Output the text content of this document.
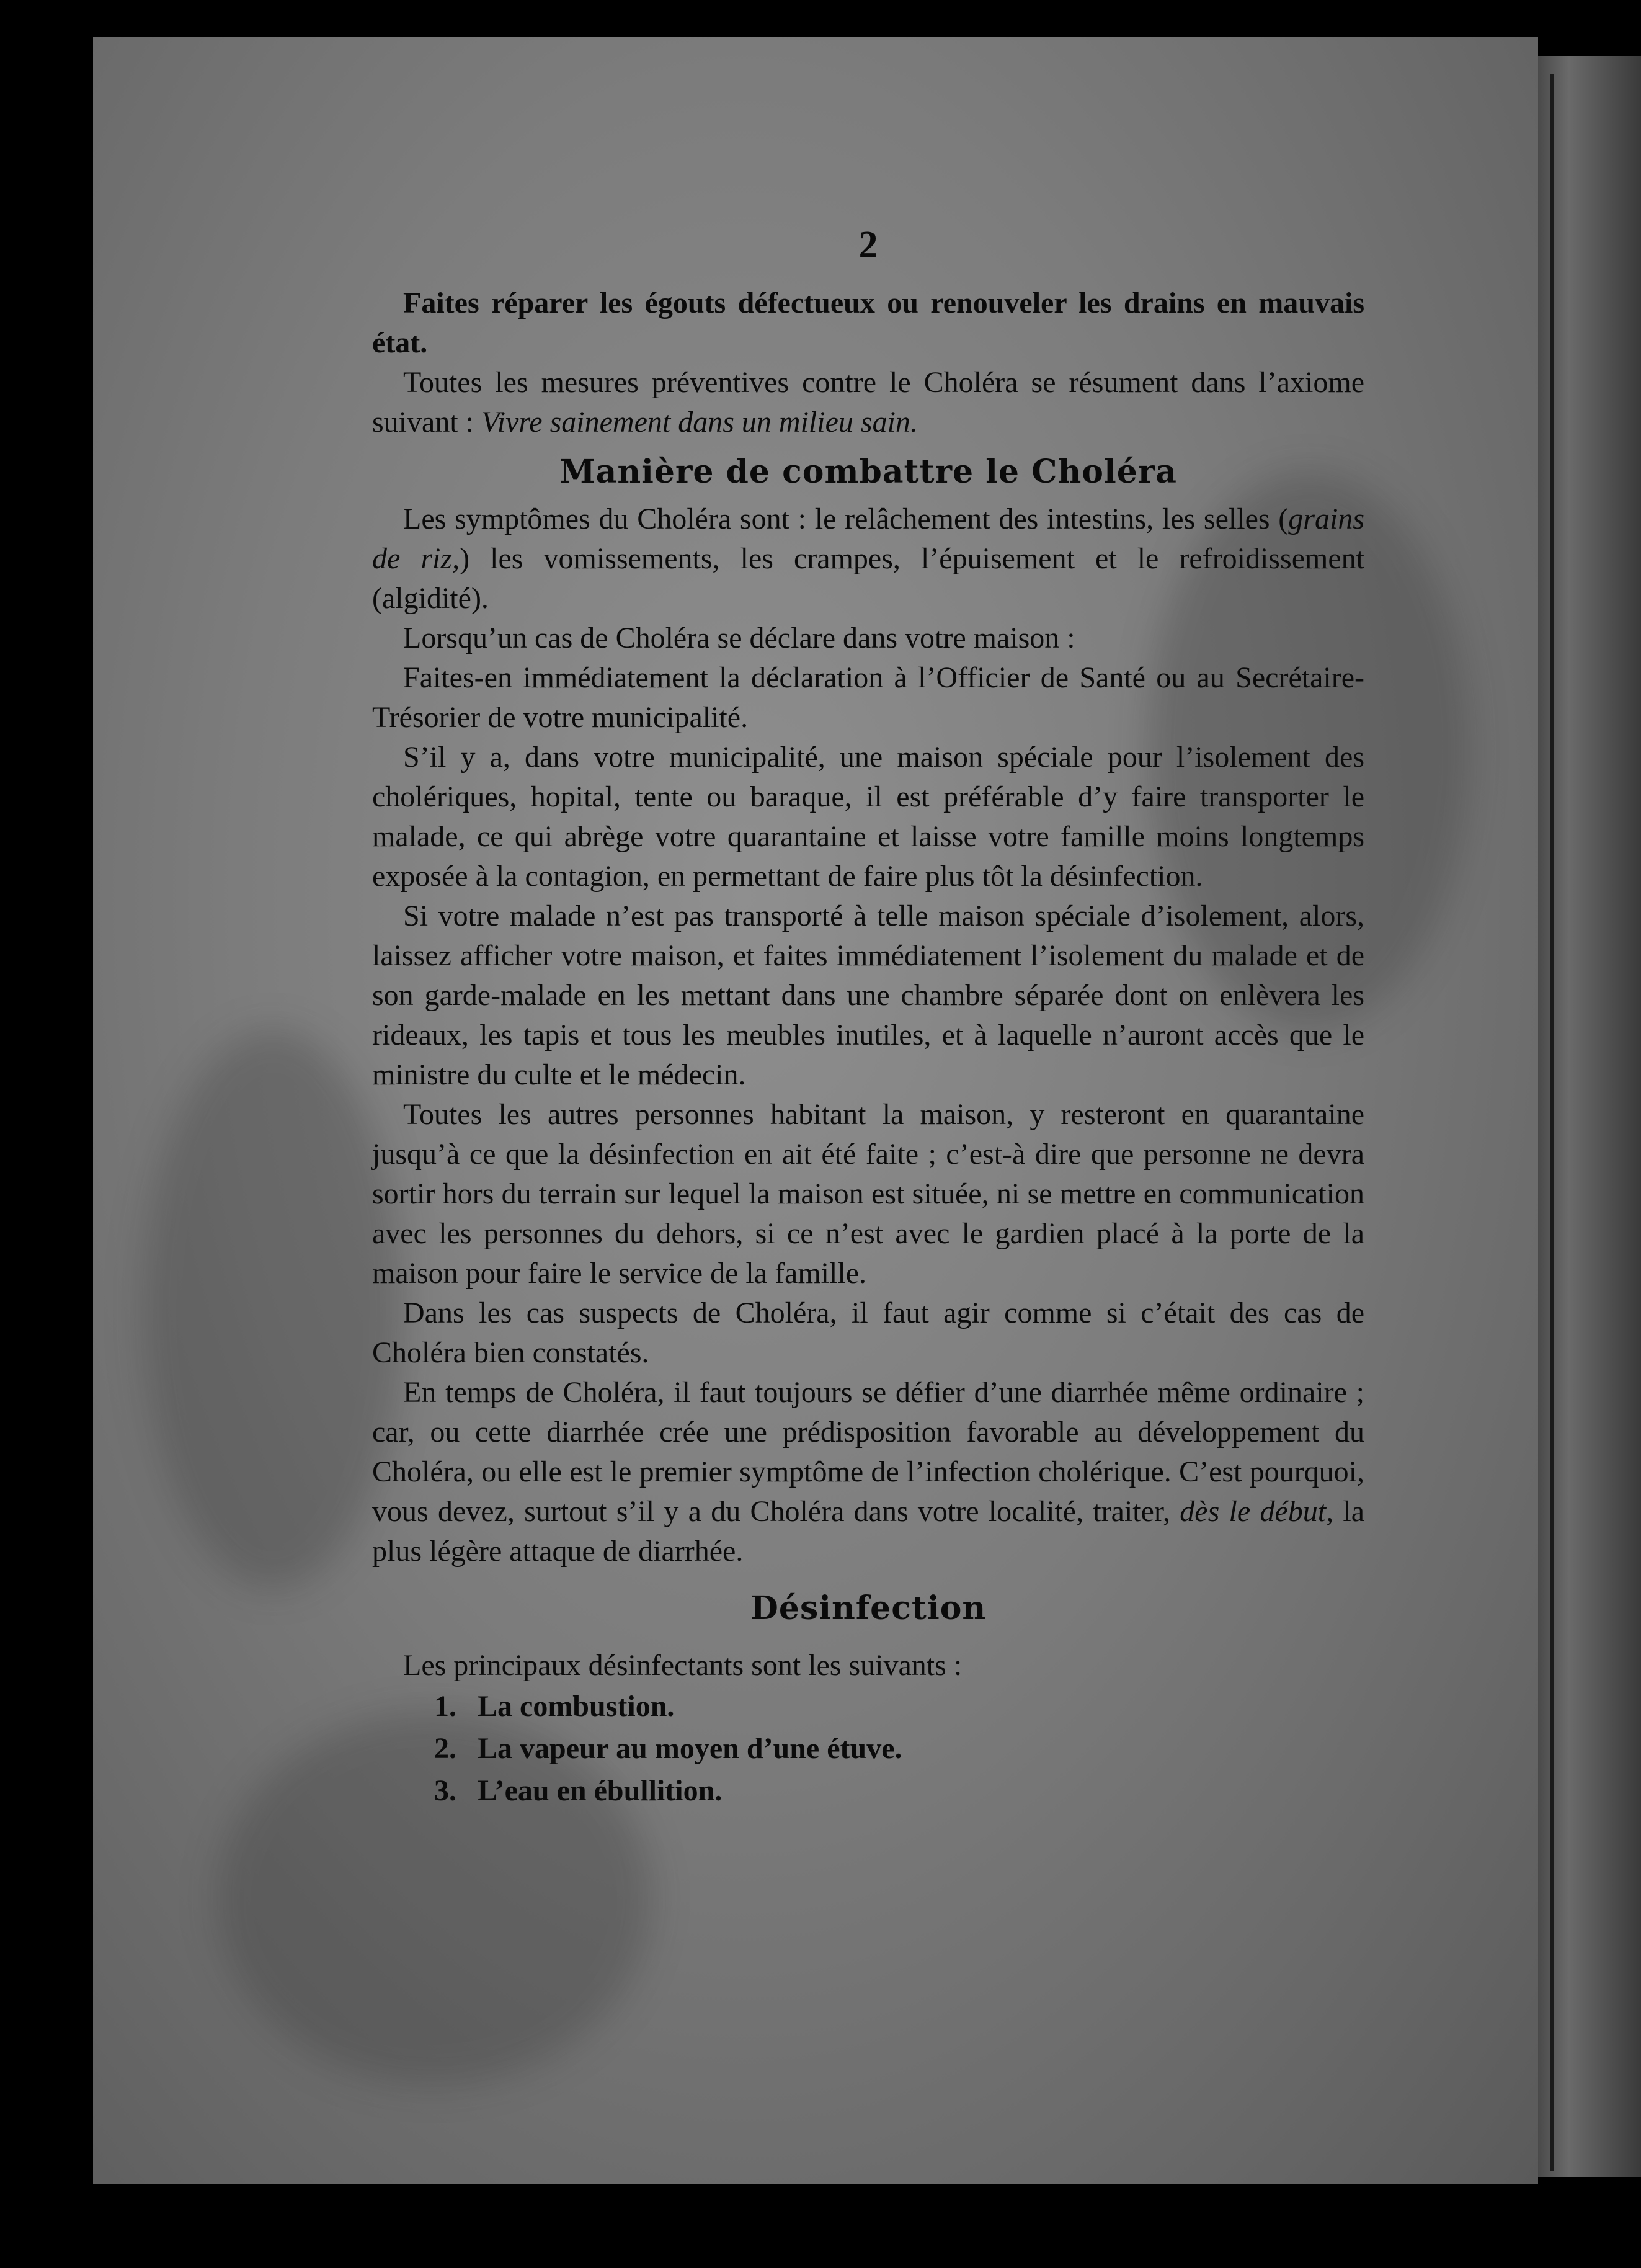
2

Faites réparer les égouts défectueux ou renouveler les drains en mauvais état.

Toutes les mesures préventives contre le Choléra se résument dans l’axiome suivant : Vivre sainement dans un milieu sain.

Manière de combattre le Choléra

Les symptômes du Choléra sont : le relâchement des intestins, les selles (grains de riz,) les vomissements, les crampes, l’épuisement et le refroidissement (algidité).

Lorsqu’un cas de Choléra se déclare dans votre maison :

Faites-en immédiatement la déclaration à l’Officier de Santé ou au Secrétaire-Trésorier de votre municipalité.

S’il y a, dans votre municipalité, une maison spéciale pour l’isolement des cholériques, hopital, tente ou baraque, il est préférable d’y faire transporter le malade, ce qui abrège votre quarantaine et laisse votre famille moins longtemps exposée à la contagion, en permettant de faire plus tôt la désinfection.

Si votre malade n’est pas transporté à telle maison spéciale d’isolement, alors, laissez afficher votre maison, et faites immédiatement l’isolement du malade et de son garde-malade en les mettant dans une chambre séparée dont on enlèvera les rideaux, les tapis et tous les meubles inutiles, et à laquelle n’auront accès que le ministre du culte et le médecin.

Toutes les autres personnes habitant la maison, y resteront en quarantaine jusqu’à ce que la désinfection en ait été faite ; c’est-à dire que personne ne devra sortir hors du terrain sur lequel la maison est située, ni se mettre en communication avec les personnes du dehors, si ce n’est avec le gardien placé à la porte de la maison pour faire le service de la famille.

Dans les cas suspects de Choléra, il faut agir comme si c’était des cas de Choléra bien constatés.

En temps de Choléra, il faut toujours se défier d’une diarrhée même ordinaire ; car, ou cette diarrhée crée une prédisposition favorable au développement du Choléra, ou elle est le premier symptôme de l’infection cholérique. C’est pourquoi, vous devez, surtout s’il y a du Choléra dans votre localité, traiter, dès le début, la plus légère attaque de diarrhée.

Désinfection

Les principaux désinfectants sont les suivants :

1. La combustion.
2. La vapeur au moyen d’une étuve.
3. L’eau en ébullition.
